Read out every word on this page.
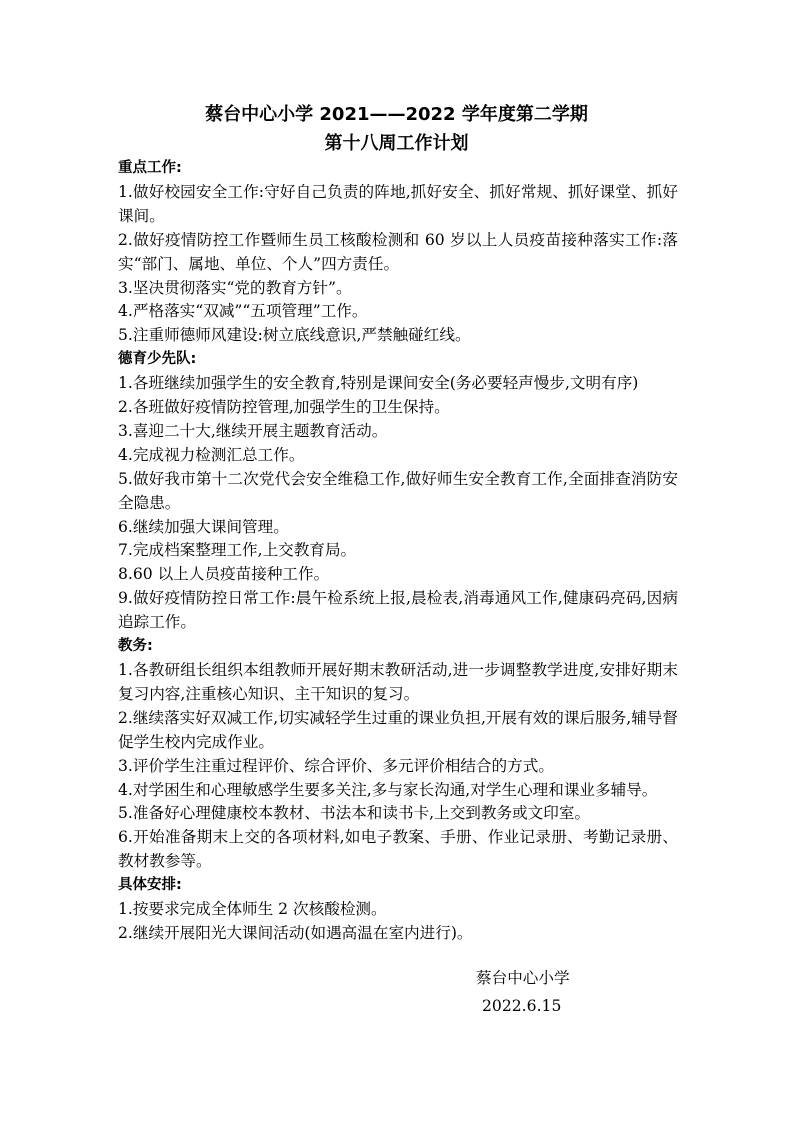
蔡台中心小学 2021——2022 学年度第二学期
第十八周工作计划
重点工作:

1.做好校园安全工作:守好自己负责的阵地,抓好安全、抓好常规、抓好课堂、抓好课间。

2.做好疫情防控工作暨师生员工核酸检测和 60 岁以上人员疫苗接种落实工作:落实“部门、属地、单位、个人”四方责任。

3.坚决贯彻落实“党的教育方针”。

4.严格落实“双减”“五项管理”工作。

5.注重师德师风建设:树立底线意识,严禁触碰红线。

德育少先队:

1.各班继续加强学生的安全教育,特别是课间安全(务必要轻声慢步,文明有序)

2.各班做好疫情防控管理,加强学生的卫生保持。

3.喜迎二十大,继续开展主题教育活动。

4.完成视力检测汇总工作。

5.做好我市第十二次党代会安全维稳工作,做好师生安全教育工作,全面排查消防安全隐患。

6.继续加强大课间管理。

7.完成档案整理工作,上交教育局。

8.60 以上人员疫苗接种工作。

9.做好疫情防控日常工作:晨午检系统上报,晨检表,消毒通风工作,健康码亮码,因病追踪工作。

教务:

1.各教研组长组织本组教师开展好期末教研活动,进一步调整教学进度,安排好期末复习内容,注重核心知识、主干知识的复习。

2.继续落实好双减工作,切实减轻学生过重的课业负担,开展有效的课后服务,辅导督促学生校内完成作业。

3.评价学生注重过程评价、综合评价、多元评价相结合的方式。

4.对学困生和心理敏感学生要多关注,多与家长沟通,对学生心理和课业多辅导。

5.准备好心理健康校本教材、书法本和读书卡,上交到教务或文印室。

6.开始准备期末上交的各项材料,如电子教案、手册、作业记录册、考勤记录册、教材教参等。

具体安排:

1.按要求完成全体师生 2 次核酸检测。

2.继续开展阳光大课间活动(如遇高温在室内进行)。

蔡台中心小学
2022.6.15
